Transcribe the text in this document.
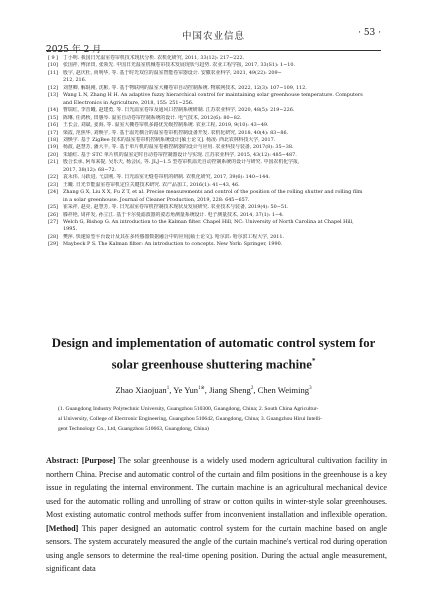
中国农业信息	· 53 ·
2025 年 2 月
[ 9 ]	丁小明. 我国日光温室卷帘机技术现状分析. 农机化研究, 2011, 33(12): 217−222.
[10]	张国祥, 傅泽田, 张领先. 中国日光温室机械卷帘技术发展现状与趋势. 农业工程学报, 2017, 33(S1): 1−10.
[11]	殷宇, 赵庆杜, 尚明华, 等. 基于时光双位的温室智能卷帘器设计. 安徽农业科学, 2021, 49(22): 209−
212, 216.
[12]	刘慧卿, 解琨刚, 沈彬, 等. 基于物联网的温室大棚卷帘自动控制系统. 物联网技术, 2022, 12(3): 107−109, 112.
[13]	Wang L N, Zhang H H. An adaptive fuzzy hierarchical control for maintaining solar greenhouse temperature. Computers
and Electronics in Agriculture, 2018, 155: 251−256.
[14]	曹瑞红, 李晋曦, 赵建勇, 等. 日光温室卷帘及通风口控制系统研制. 江苏农业科学, 2020, 48(5): 219−226.
[15]	陈琳, 任鸿秋, 田惠琴. 温室自动卷帘控制系统的设计. 电气技术, 2012(6): 80−82.
[16]	王长会, 刘斌, 姜海, 等. 温室大棚卷帘机多路优先级控制系统. 农业工程, 2019, 9(10): 43−49.
[17]	梁霞, 范焦华, 刘焕宇, 等. 基于温光耦合的温室卷帘机控制设备开发. 农机化研究, 2018, 40(4): 83−86.
[18]	刘焕宇. 基于 ZigBee 技术的温室卷帘机控制系统设计[硕士论文]. 杨凌: 西北农林科技大学, 2017.
[19]	杨波, 赵慧芳, 潘大丰, 等. 基于单片机的温室卷被控制器的设计与应用. 农业科技与装备, 2017(8): 35−38.
[20]	朱瑜红. 基于 STC 单片机的温室定时自动卷帘控制器设计与实现. 江苏农业科学, 2015, 43(12): 485−487.
[21]	殷合长承, 阿布来提, 吴乐天, 杨会民, 等. JLJ−1.5 型卷帘机温光自动控制系统的设计与研究. 中国农机化学报,
2017, 38(12): 68−72.
[22]	袁永伟, 马跃进, 弋景刚, 等. 日光温室无缝卷帘机的研制. 农机化研究, 2017, 39(6): 140−144.
[23]	王曦. 日光节能温室卷帘机定位关键技术研究. 农产品加工, 2016(1): 41−43, 46.
[24]	Zhang G X, Liu X X, Fu Z T, et al. Precise measurements and control of the position of the rolling shutter and rolling film
in a solar greenhouse. Journal of Cleaner Production, 2019, 228: 645−657.
[25]	崔采祥, 赵亮, 赵慧芳, 等. 日光温室卷帘机控制技术现状及发展研究. 农业技术与装备, 2019(4): 50−51.
[26]	滕祥艳, 周祥发, 孙立江. 基于卡尔曼滤波器的姿态角测量系统设计. 电子测量技术, 2014, 37(1): 1−4.
[27]	Welch G, Bishop G. An introduction to the Kalman filter. Chapel Hill, NC: University of North Carolina at Chapel Hill,
1995.
[28]	樊萍. 快速原型平台设计及其在多传感器数据融合中的应用[硕士论文]. 哈尔滨: 哈尔滨工程大学, 2011.
[29]	Maybeck P S. The Kalman filter: An introduction to concepts. New York: Springer, 1990.
Design and implementation of automatic control system for
solar greenhouse shuttering machine*
Zhao Xiaojuan$^1$, Ye Yun$^{1※}$, Jiang Sheng$^2$, Chen Weiming$^3$
(1. Guangdong Industry Polytechnic University, Guangzhou 510300, Guangdong, China; 2. South China Agricultur-
al University, College of Electronic Engineering, Guangzhou 510642, Guangdong, China; 3. Guangzhou Hirui Intelli-
gent Technology Co., Ltd, Guangzhou 510663, Guangdong, China)
Abstract: [Purpose] The solar greenhouse is a widely used modern agricultural cultivation facility in northern China. Precise and automatic control of the curtain and film positions in the greenhouse is a key issue in regulating the internal environment. The curtain machine is an agricultural mechanical device used for the automatic rolling and unrolling of straw or cotton quilts in winter-style solar greenhouses. Most existing automatic control methods suffer from inconvenient installation and inflexible operation. [Method] This paper designed an automatic control system for the curtain machine based on angle sensors. The system accurately measured the angle of the curtain machine's vertical rod during operation using angle sensors to determine the real-time opening position. During the actual angle measurement, significant data
